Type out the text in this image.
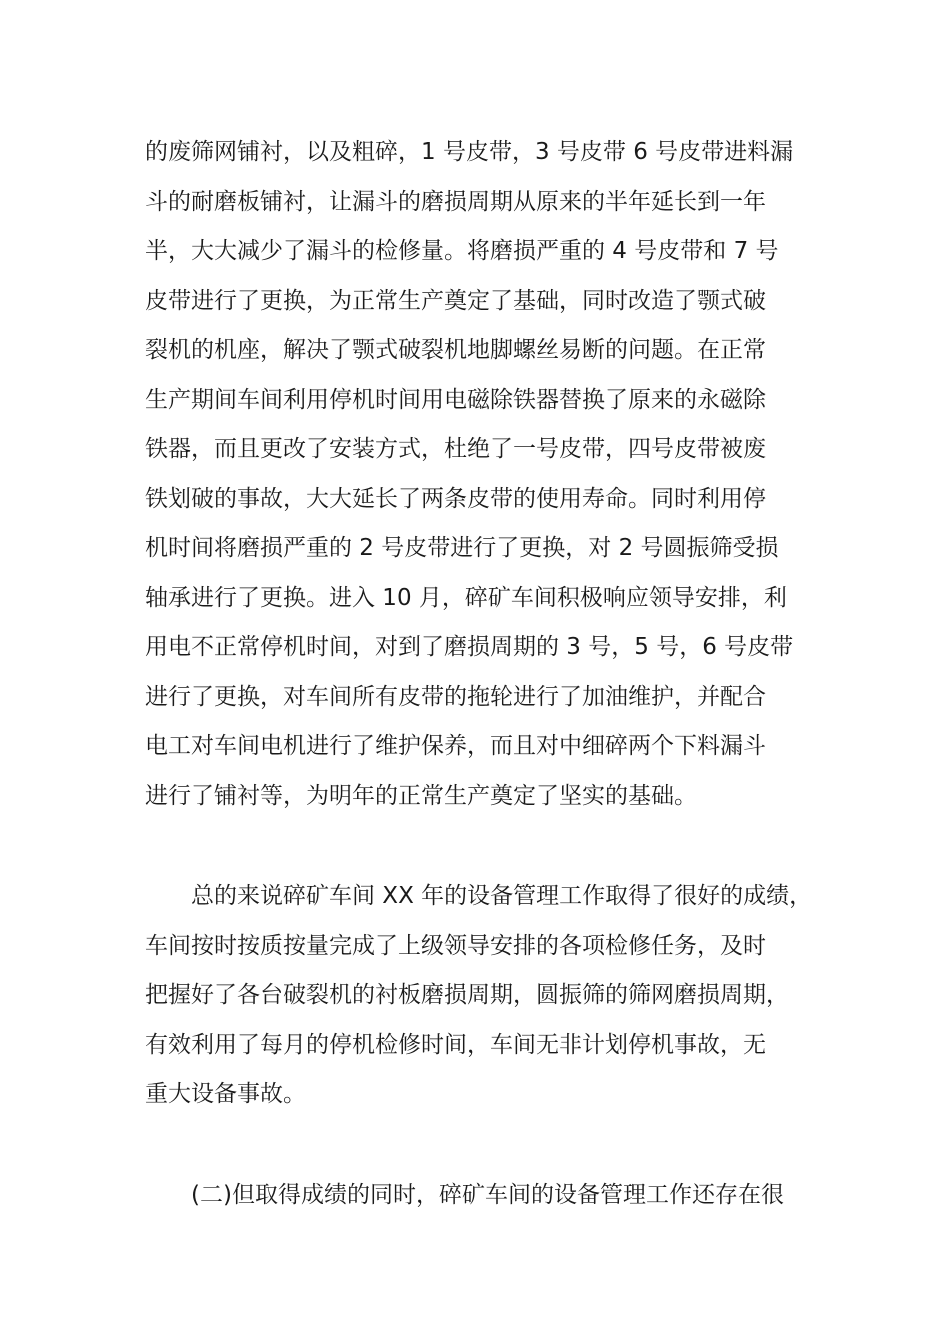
的废筛网铺衬，以及粗碎，1 号皮带，3 号皮带 6 号皮带进料漏
斗的耐磨板铺衬，让漏斗的磨损周期从原来的半年延长到一年
半，大大减少了漏斗的检修量。将磨损严重的 4 号皮带和 7 号
皮带进行了更换，为正常生产奠定了基础，同时改造了颚式破
裂机的机座，解决了颚式破裂机地脚螺丝易断的问题。在正常
生产期间车间利用停机时间用电磁除铁器替换了原来的永磁除
铁器，而且更改了安装方式，杜绝了一号皮带，四号皮带被废
铁划破的事故，大大延长了两条皮带的使用寿命。同时利用停
机时间将磨损严重的 2 号皮带进行了更换，对 2 号圆振筛受损
轴承进行了更换。进入 10 月，碎矿车间积极响应领导安排，利
用电不正常停机时间，对到了磨损周期的 3 号，5 号，6 号皮带
进行了更换，对车间所有皮带的拖轮进行了加油维护，并配合
电工对车间电机进行了维护保养，而且对中细碎两个下料漏斗
进行了铺衬等，为明年的正常生产奠定了坚实的基础。
总的来说碎矿车间 XX 年的设备管理工作取得了很好的成绩，
车间按时按质按量完成了上级领导安排的各项检修任务，及时
把握好了各台破裂机的衬板磨损周期，圆振筛的筛网磨损周期，
有效利用了每月的停机检修时间，车间无非计划停机事故，无
重大设备事故。
(二)但取得成绩的同时，碎矿车间的设备管理工作还存在很
